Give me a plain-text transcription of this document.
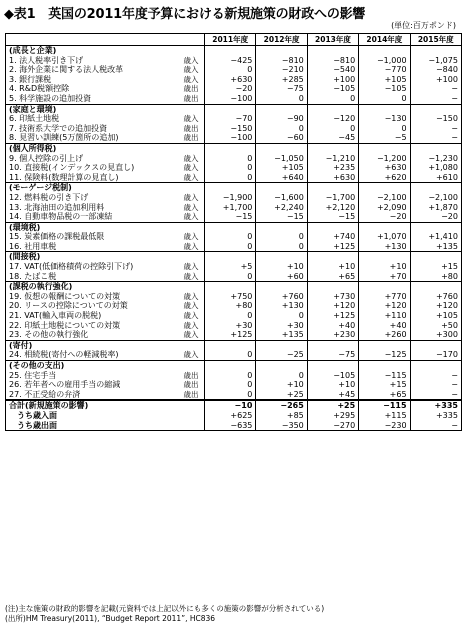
◆表1　英国の2011年度予算における新規施策の財政への影響
(単位:百万ポンド)
		2011年度	2012年度	2013年度	2014年度	2015年度
(成長と企業)						
1. 法人税率引き下げ	歳入	−425	−810	−810	−1,000	−1,075
2. 海外企業に関する法人税改革	歳入	0	−210	−540	−770	−840
3. 銀行課税	歳入	+630	+285	+100	+105	+100
4. R&D税額控除	歳出	−20	−75	−105	−105	−
5. 科学施設の追加投資	歳出	−100	0	0	0	−
(家庭と環境)						
6. 印紙土地税	歳入	−70	−90	−120	−130	−150
7. 技術系大学での追加投資	歳出	−150	0	0	0	−
8. 見習い訓練(5万箇所の追加)	歳出	−100	−60	−45	−5	−
(個人所得税)						
9. 個人控除の引上げ	歳入	0	−1,050	−1,210	−1,200	−1,230
10. 直接税(インデックスの見直し)	歳入	0	+105	+235	+630	+1,080
11. 保険料(数理計算の見直し)	歳入	0	+640	+630	+620	+610
(モーゲージ税制)						
12. 燃料税の引き下げ	歳入	−1,900	−1,600	−1,700	−2,100	−2,100
13. 北海油田の追加利用料	歳入	+1,700	+2,240	+2,120	+2,090	+1,870
14. 自動車物品税の一部凍結	歳入	−15	−15	−15	−20	−20
(環境税)						
15. 炭素価格の課税最低限	歳入	0	0	+740	+1,070	+1,410
16. 社用車税	歳入	0	0	+125	+130	+135
(間接税)						
17. VAT(低価格積荷の控除引下げ)	歳入	+5	+10	+10	+10	+15
18. たばこ税	歳入	0	+60	+65	+70	+80
(課税の執行強化)						
19. 仮想の報酬についての対策	歳入	+750	+760	+730	+770	+760
20. リースの控除についての対策	歳入	+80	+130	+120	+120	+120
21. VAT(輸入車両の脱税)	歳入	0	0	+125	+110	+105
22. 印紙土地税についての対策	歳入	+30	+30	+40	+40	+50
23. その他の執行強化	歳入	+125	+135	+230	+260	+300
(寄付)						
24. 相続税(寄付への軽減税率)	歳入	0	−25	−75	−125	−170
(その他の支出)						
25. 住宅手当	歳出	0	0	−105	−115	−
26. 若年者への雇用手当の縮減	歳出	0	+10	+10	+15	−
27. 不正受給の弁済	歳出	0	+25	+45	+65	−
合計(新規施策の影響)		−10	−265	+25	−115	+335
　うち歳入面		+625	+85	+295	+115	+335
　うち歳出面		−635	−350	−270	−230	−
(注)主な施策の財政的影響を記載(元資料では上記以外にも多くの施策の影響が分析されている)
(出所)HM Treasury(2011), “Budget Report 2011”, HC836
